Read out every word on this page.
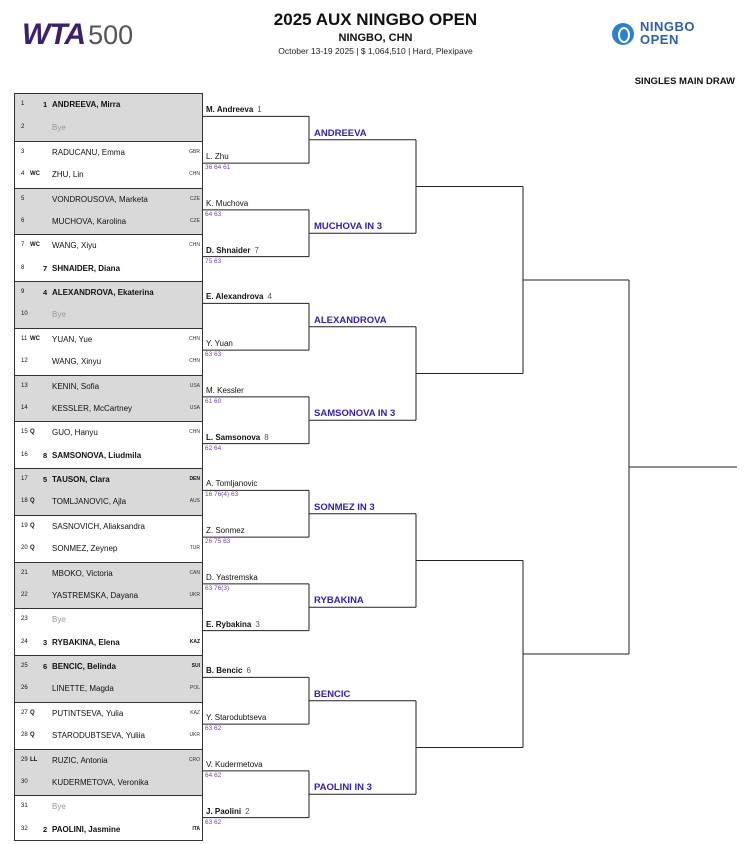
WTA 500
2025 AUX NINGBO OPEN
NINGBO, CHN
October 13-19 2025 | $ 1,064,510 | Hard, Plexipave
NINGBO
OPEN
SINGLES MAIN DRAW
1 1 ANDREEVA, Mirra
2	Bye
3	RADUCANU, Emma	GBR
4 WC ZHU, Lin	CHN
5	VONDROUSOVA, Marketa	CZE
6	MUCHOVA, Karolina	CZE
7 WC WANG, Xiyu	CHN
8 7 SHNAIDER, Diana
9 4 ALEXANDROVA, Ekaterina
10	Bye
11 WC YUAN, Yue	CHN
12	WANG, Xinyu	CHN
13	KENIN, Sofia	USA
14	KESSLER, McCartney	USA
15 Q GUO, Hanyu	CHN
16 8 SAMSONOVA, Liudmila
17 5 TAUSON, Clara	DEN
18 Q TOMLJANOVIC, Ajla	AUS
19 Q SASNOVICH, Aliaksandra
20 Q SONMEZ, Zeynep	TUR
21	MBOKO, Victoria	CAN
22	YASTREMSKA, Dayana	UKR
23	Bye
24 3 RYBAKINA, Elena	KAZ
25 6 BENCIC, Belinda	SUI
26	LINETTE, Magda	POL
27 Q PUTINTSEVA, Yulia	KAZ
28 Q STARODUBTSEVA, Yuliia	UKR
29 LL RUZIC, Antonia	CRO
30	KUDERMETOVA, Veronika
31	Bye
32 2 PAOLINI, Jasmine	ITA
M. Andreeva 1
L. Zhu
36 64 61
K. Muchova
64 63
D. Shnaider 7
75 63
E. Alexandrova 4
Y. Yuan
63 63
M. Kessler
61 60
L. Samsonova 8
62 64
A. Tomljanovic
16 76(4) 63
Z. Sonmez
26 75 63
D. Yastremska
63 76(3)
E. Rybakina 3
B. Bencic 6
Y. Starodubtseva
63 62
V. Kudermetova
64 62
J. Paolini 2
63 62
ANDREEVA
MUCHOVA IN 3
ALEXANDROVA
SAMSONOVA IN 3
SONMEZ IN 3
RYBAKINA
BENCIC
PAOLINI IN 3
